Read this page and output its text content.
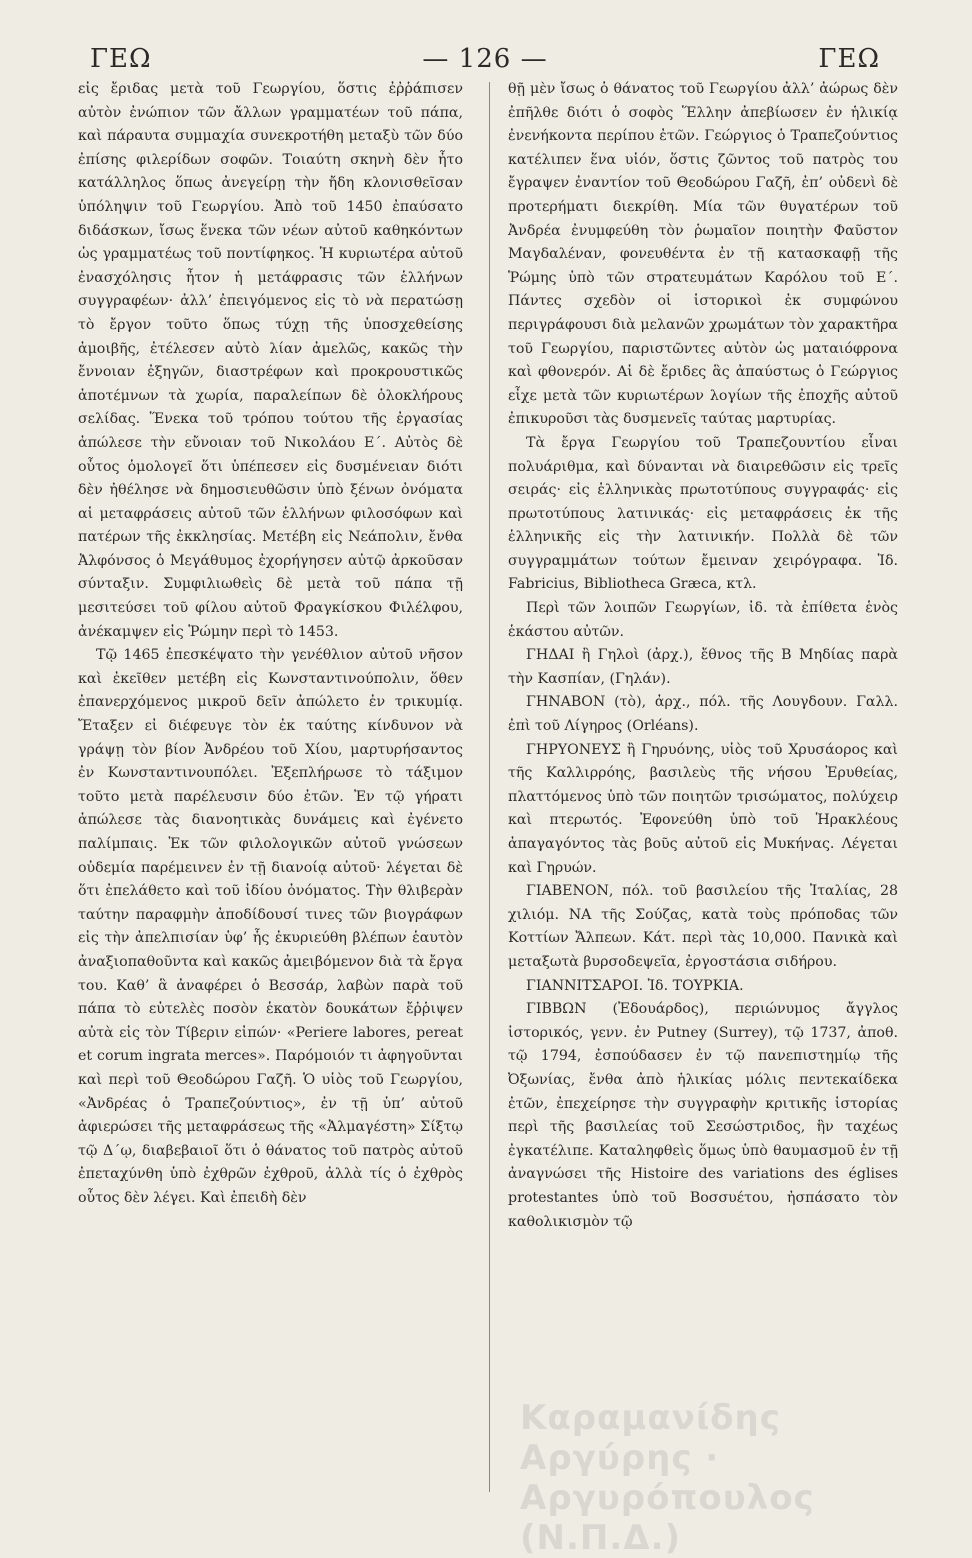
ΓΕΩ	— 126 —	ΓΕΩ

εἰς ἔριδας μετὰ τοῦ Γεωργίου, ὅστις ἐῤῥάπισεν αὐτὸν ἐνώπιον τῶν ἄλλων γραμματέων τοῦ πάπα, καὶ πάραυτα συμμαχία συνεκροτήθη μεταξὺ τῶν δύο ἐπίσης φιλερίδων σοφῶν. Τοιαύτη σκηνὴ δὲν ἦτο κατάλληλος ὅπως ἀνεγείρῃ τὴν ἤδη κλονισθεῖσαν ὑπόληψιν τοῦ Γεωργίου. Ἀπὸ τοῦ 1450 ἐπαύσατο διδάσκων, ἴσως ἕνεκα τῶν νέων αὐτοῦ καθηκόντων ὡς γραμματέως τοῦ ποντίφηκος. Ἡ κυριωτέρα αὐτοῦ ἐνασχόλησις ἦτον ἡ μετάφρασις τῶν ἑλλήνων συγγραφέων· ἀλλ’ ἐπειγόμενος εἰς τὸ νὰ περατώσῃ τὸ ἔργον τοῦτο ὅπως τύχῃ τῆς ὑποσχεθείσης ἀμοιβῆς, ἐτέλεσεν αὐτὸ λίαν ἀμελῶς, κακῶς τὴν ἔννοιαν ἐξηγῶν, διαστρέφων καὶ προκρουστικῶς ἀποτέμνων τὰ χωρία, παραλείπων δὲ ὁλοκλήρους σελίδας. Ἕνεκα τοῦ τρόπου τούτου τῆς ἐργασίας ἀπώλεσε τὴν εὔνοιαν τοῦ Νικολάου Ε΄. Αὐτὸς δὲ οὗτος ὁμολογεῖ ὅτι ὑπέπεσεν εἰς δυσμένειαν διότι δὲν ἠθέλησε νὰ δημοσιευθῶσιν ὑπὸ ξένων ὀνόματα αἱ μεταφράσεις αὐτοῦ τῶν ἑλλήνων φιλοσόφων καὶ πατέρων τῆς ἐκκλησίας. Μετέβη εἰς Νεάπολιν, ἔνθα Ἀλφόνσος ὁ Μεγάθυμος ἐχορήγησεν αὐτῷ ἀρκοῦσαν σύνταξιν. Συμφιλιωθεὶς δὲ μετὰ τοῦ πάπα τῇ μεσιτεύσει τοῦ φίλου αὐτοῦ Φραγκίσκου Φιλέλφου, ἀνέκαμψεν εἰς Ῥώμην περὶ τὸ 1453.

Τῷ 1465 ἐπεσκέψατο τὴν γενέθλιον αὐτοῦ νῆσον καὶ ἐκεῖθεν μετέβη εἰς Κωνσταντινούπολιν, ὅθεν ἐπανερχόμενος μικροῦ δεῖν ἀπώλετο ἐν τρικυμίᾳ. Ἔταξεν εἰ διέφευγε τὸν ἐκ ταύτης κίνδυνον νὰ γράψῃ τὸν βίον Ἀνδρέου τοῦ Χίου, μαρτυρήσαντος ἐν Κωνσταντινουπόλει. Ἐξεπλήρωσε τὸ τάξιμον τοῦτο μετὰ παρέλευσιν δύο ἐτῶν. Ἐν τῷ γήρατι ἀπώλεσε τὰς διανοητικὰς δυνάμεις καὶ ἐγένετο παλίμπαις. Ἐκ τῶν φιλολογικῶν αὐτοῦ γνώσεων οὐδεμία παρέμεινεν ἐν τῇ διανοίᾳ αὐτοῦ· λέγεται δὲ ὅτι ἐπελάθετο καὶ τοῦ ἰδίου ὀνόματος. Τὴν θλιβερὰν ταύτην παραφμὴν ἀποδίδουσί τινες τῶν βιογράφων εἰς τὴν ἀπελπισίαν ὑφ’ ἧς ἐκυριεύθη βλέπων ἑαυτὸν ἀναξιοπαθοῦντα καὶ κακῶς ἀμειβόμενον διὰ τὰ ἔργα του. Καθ’ ἃ ἀναφέρει ὁ Βεσσάρ, λαβὼν παρὰ τοῦ πάπα τὸ εὐτελὲς ποσὸν ἑκατὸν δουκάτων ἔῤῥιψεν αὐτὰ εἰς τὸν Τίβεριν εἰπών· «Periere labores, pereat et corum ingrata merces». Παρόμοιόν τι ἀφηγοῦνται καὶ περὶ τοῦ Θεοδώρου Γαζῆ. Ὁ υἱὸς τοῦ Γεωργίου, «Ἀνδρέας ὁ Τραπεζούντιος», ἐν τῇ ὑπ’ αὐτοῦ ἀφιερώσει τῆς μεταφράσεως τῆς «Ἀλμαγέστη» Σίξτῳ τῷ Δ΄ῳ, διαβεβαιοῖ ὅτι ὁ θάνατος τοῦ πατρὸς αὐτοῦ ἐπεταχύνθη ὑπὸ ἐχθρῶν ἐχθροῦ, ἀλλὰ τίς ὁ ἐχθρὸς οὗτος δὲν λέγει. Καὶ ἐπειδὴ δὲν

θῇ μὲν ἴσως ὁ θάνατος τοῦ Γεωργίου ἀλλ’ ἀώρως δὲν ἐπῆλθε διότι ὁ σοφὸς Ἕλλην ἀπεβίωσεν ἐν ἡλικίᾳ ἐνενήκοντα περίπου ἐτῶν. Γεώργιος ὁ Τραπεζούντιος κατέλιπεν ἕνα υἱόν, ὅστις ζῶντος τοῦ πατρὸς του ἔγραψεν ἐναντίον τοῦ Θεοδώρου Γαζῆ, ἐπ’ οὐδενὶ δὲ προτερήματι διεκρίθη. Μία τῶν θυγατέρων τοῦ Ἀνδρέα ἐνυμφεύθη τὸν ῥωμαῖον ποιητὴν Φαῦστον Μαγδαλέναν, φονευθέντα ἐν τῇ κατασκαφῇ τῆς Ῥώμης ὑπὸ τῶν στρατευμάτων Καρόλου τοῦ Ε΄. Πάντες σχεδὸν οἱ ἱστορικοὶ ἐκ συμφώνου περιγράφουσι διὰ μελανῶν χρωμάτων τὸν χαρακτῆρα τοῦ Γεωργίου, παριστῶντες αὐτὸν ὡς ματαιόφρονα καὶ φθονερόν. Αἱ δὲ ἔριδες ἃς ἀπαύστως ὁ Γεώργιος εἶχε μετὰ τῶν κυριωτέρων λογίων τῆς ἐποχῆς αὐτοῦ ἐπικυροῦσι τὰς δυσμενεῖς ταύτας μαρτυρίας.

Τὰ ἔργα Γεωργίου τοῦ Τραπεζουντίου εἶναι πολυάριθμα, καὶ δύνανται νὰ διαιρεθῶσιν εἰς τρεῖς σειράς· εἰς ἑλληνικὰς πρωτοτύπους συγγραφάς· εἰς πρωτοτύπους λατινικάς· εἰς μεταφράσεις ἐκ τῆς ἑλληνικῆς εἰς τὴν λατινικήν. Πολλὰ δὲ τῶν συγγραμμάτων τούτων ἔμειναν χειρόγραφα. Ἰδ. Fabricius, Bibliotheca Græca, κτλ.

Περὶ τῶν λοιπῶν Γεωργίων, ἰδ. τὰ ἐπίθετα ἑνὸς ἑκάστου αὐτῶν.

ΓΗΔΑΙ ἢ Γηλοὶ (ἀρχ.), ἔθνος τῆς Β Μηδίας παρὰ τὴν Κασπίαν, (Γηλάν).

ΓΗΝΑΒΟΝ (τὸ), ἀρχ., πόλ. τῆς Λουγδουν. Γαλλ. ἐπὶ τοῦ Λίγηρος (Orléans).

ΓΗΡΥΟΝΕΥΣ ἢ Γηρυόνης, υἱὸς τοῦ Χρυσάορος καὶ τῆς Καλλιρρόης, βασιλεὺς τῆς νήσου Ἐρυθείας, πλαττόμενος ὑπὸ τῶν ποιητῶν τρισώματος, πολύχειρ καὶ πτερωτός. Ἐφονεύθη ὑπὸ τοῦ Ἡρακλέους ἀπαγαγόντος τὰς βοῦς αὐτοῦ εἰς Μυκήνας. Λέγεται καὶ Γηρυών.

ΓΙΑΒΕΝΟΝ, πόλ. τοῦ βασιλείου τῆς Ἰταλίας, 28 χιλιόμ. ΝΑ τῆς Σούζας, κατὰ τοὺς πρόποδας τῶν Κοττίων Ἄλπεων. Κάτ. περὶ τὰς 10,000. Πανικὰ καὶ μεταξωτὰ βυρσοδεψεῖα, ἐργοστάσια σιδήρου.

ΓΙΑΝΝΙΤΣΑΡΟΙ. Ἰδ. ΤΟΥΡΚΙΑ.

ΓΙΒΒΩΝ (Ἐδουάρδος), περιώνυμος ἄγγλος ἱστορικός, γενν. ἐν Putney (Surrey), τῷ 1737, ἀποθ. τῷ 1794, ἐσπούδασεν ἐν τῷ πανεπιστημίῳ τῆς Ὀξωνίας, ἔνθα ἀπὸ ἡλικίας μόλις πεντεκαίδεκα ἐτῶν, ἐπεχείρησε τὴν συγγραφὴν κριτικῆς ἱστορίας περὶ τῆς βασιλείας τοῦ Σεσώστριδος, ἣν ταχέως ἐγκατέλιπε. Καταληφθεὶς ὅμως ὑπὸ θαυμασμοῦ ἐν τῇ ἀναγνώσει τῆς Histoire des variations des églises protestantes ὑπὸ τοῦ Βοσσυέτου, ἠσπάσατο τὸν καθολικισμὸν τῷ

Καραμανίδης Αργύρης · Αργυρόπουλος (Ν.Π.Δ.)
